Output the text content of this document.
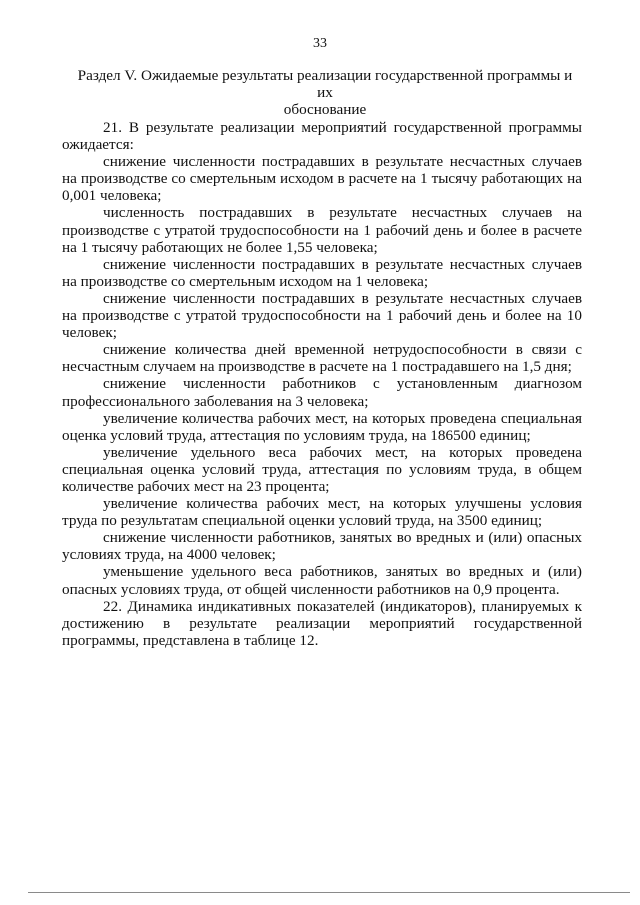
33
Раздел V. Ожидаемые результаты реализации государственной программы и их
обоснование

21. В результате реализации мероприятий государственной программы ожидается:

снижение численности пострадавших в результате несчастных случаев на производстве со смертельным исходом в расчете на 1 тысячу работающих на 0,001 человека;

численность пострадавших в результате несчастных случаев на производстве с утратой трудоспособности на 1 рабочий день и более в расчете на 1 тысячу работающих не более 1,55 человека;

снижение численности пострадавших в результате несчастных случаев на производстве со смертельным исходом на 1 человека;

снижение численности пострадавших в результате несчастных случаев на производстве с утратой трудоспособности на 1 рабочий день и более на 10 человек;

снижение количества дней временной нетрудоспособности в связи с несчастным случаем на производстве в расчете на 1 пострадавшего на 1,5 дня;

снижение численности работников с установленным диагнозом профессионального заболевания на 3 человека;

увеличение количества рабочих мест, на которых проведена специальная оценка условий труда, аттестация по условиям труда, на 186500 единиц;

увеличение удельного веса рабочих мест, на которых проведена специальная оценка условий труда, аттестация по условиям труда, в общем количестве рабочих мест на 23 процента;

увеличение количества рабочих мест, на которых улучшены условия труда по результатам специальной оценки условий труда, на 3500 единиц;

снижение численности работников, занятых во вредных и (или) опасных условиях труда, на 4000 человек;

уменьшение удельного веса работников, занятых во вредных и (или) опасных условиях труда, от общей численности работников на 0,9 процента.

22. Динамика индикативных показателей (индикаторов), планируемых к достижению в результате реализации мероприятий государственной программы, представлена в таблице 12.
